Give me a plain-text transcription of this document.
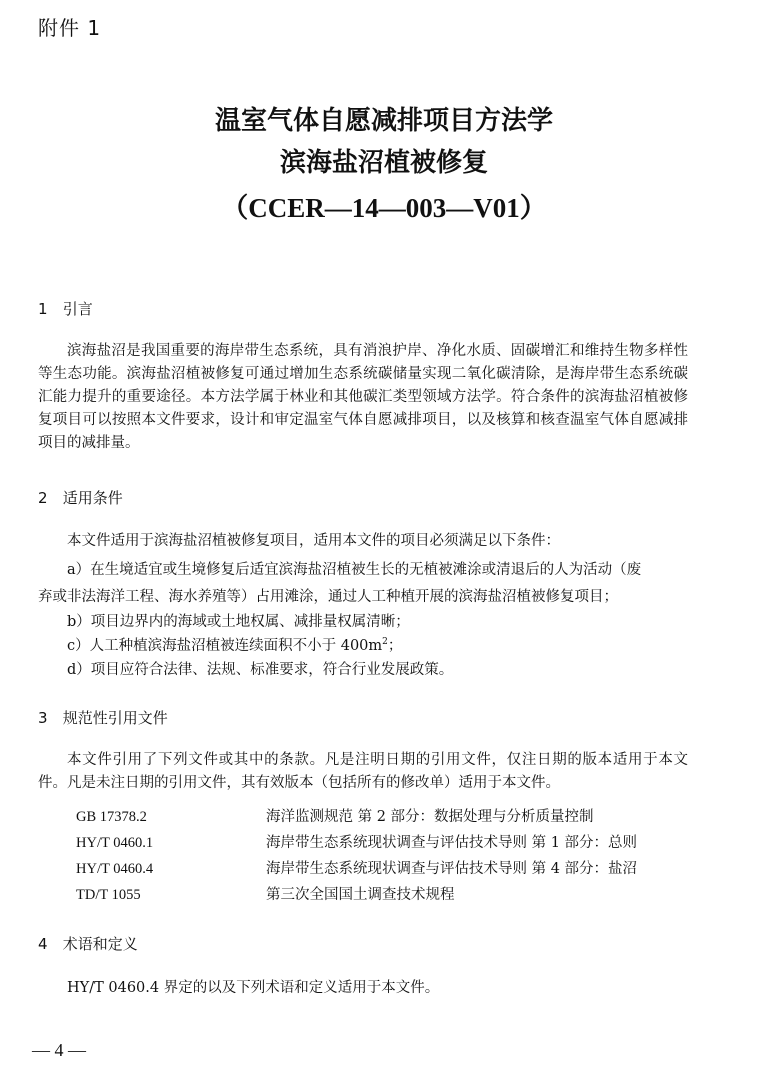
附件 1
温室气体自愿减排项目方法学
滨海盐沼植被修复
（CCER—14—003—V01）
1 引言
滨海盐沼是我国重要的海岸带生态系统，具有消浪护岸、净化水质、固碳增汇和维持生物多样性等生态功能。滨海盐沼植被修复可通过增加生态系统碳储量实现二氧化碳清除，是海岸带生态系统碳汇能力提升的重要途径。本方法学属于林业和其他碳汇类型领域方法学。符合条件的滨海盐沼植被修复项目可以按照本文件要求，设计和审定温室气体自愿减排项目，以及核算和核查温室气体自愿减排项目的减排量。
2 适用条件
本文件适用于滨海盐沼植被修复项目，适用本文件的项目必须满足以下条件：
a）在生境适宜或生境修复后适宜滨海盐沼植被生长的无植被滩涂或清退后的人为活动（废
弃或非法海洋工程、海水养殖等）占用滩涂，通过人工种植开展的滨海盐沼植被修复项目；
b）项目边界内的海域或土地权属、减排量权属清晰；
c）人工种植滨海盐沼植被连续面积不小于 $400m^2$；
d）项目应符合法律、法规、标准要求，符合行业发展政策。
3 规范性引用文件
本文件引用了下列文件或其中的条款。凡是注明日期的引用文件，仅注日期的版本适用于本文件。凡是未注日期的引用文件，其有效版本（包括所有的修改单）适用于本文件。
GB 17378.2	海洋监测规范 第 2 部分：数据处理与分析质量控制
HY/T 0460.1	海岸带生态系统现状调查与评估技术导则 第 1 部分：总则
HY/T 0460.4	海岸带生态系统现状调查与评估技术导则 第 4 部分：盐沼
TD/T 1055	第三次全国国土调查技术规程
4 术语和定义
HY/T 0460.4 界定的以及下列术语和定义适用于本文件。
— 4 —
